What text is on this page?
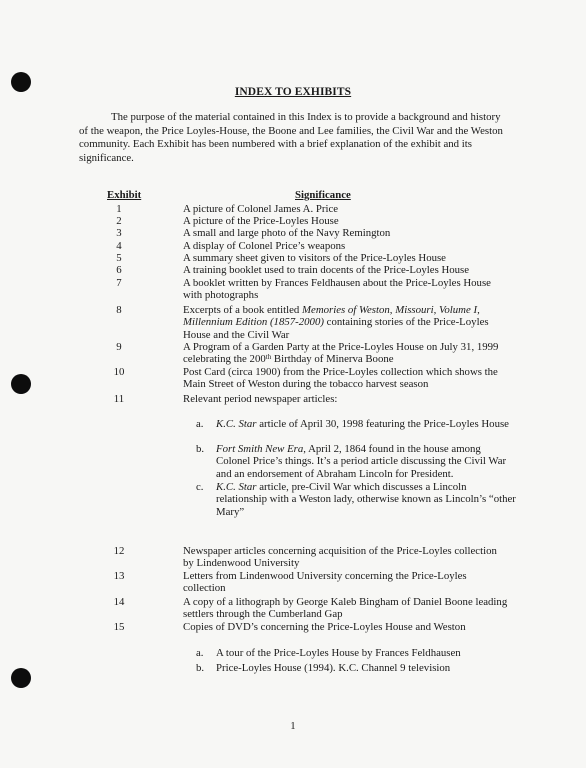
INDEX TO EXHIBITS
The purpose of the material contained in this Index is to provide a background and history of the weapon, the Price Loyles-House, the Boone and Lee families, the Civil War and the Weston community. Each Exhibit has been numbered with a brief explanation of the exhibit and its significance.
Exhibit	Significance
1	A picture of Colonel James A. Price
2	A picture of the Price-Loyles House
3	A small and large photo of the Navy Remington
4	A display of Colonel Price’s weapons
5	A summary sheet given to visitors of the Price-Loyles House
6	A training booklet used to train docents of the Price-Loyles House
7	A booklet written by Frances Feldhausen about the Price-Loyles House with photographs
8	Excerpts of a book entitled Memories of Weston, Missouri, Volume I, Millennium Edition (1857-2000) containing stories of the Price-Loyles House and the Civil War
9	A Program of a Garden Party at the Price-Loyles House on July 31, 1999 celebrating the 200th Birthday of Minerva Boone
10	Post Card (circa 1900) from the Price-Loyles collection which shows the Main Street of Weston during the tobacco harvest season
11	Relevant period newspaper articles:
a. K.C. Star article of April 30, 1998 featuring the Price-Loyles House
b. Fort Smith New Era, April 2, 1864 found in the house among Colonel Price’s things. It’s a period article discussing the Civil War and an endorsement of Abraham Lincoln for President.
c. K.C. Star article, pre-Civil War which discusses a Lincoln relationship with a Weston lady, otherwise known as Lincoln’s “other Mary”
12	Newspaper articles concerning acquisition of the Price-Loyles collection by Lindenwood University
13	Letters from Lindenwood University concerning the Price-Loyles collection
14	A copy of a lithograph by George Kaleb Bingham of Daniel Boone leading settlers through the Cumberland Gap
15	Copies of DVD’s concerning the Price-Loyles House and Weston
a. A tour of the Price-Loyles House by Frances Feldhausen
b. Price-Loyles House (1994). K.C. Channel 9 television
1
